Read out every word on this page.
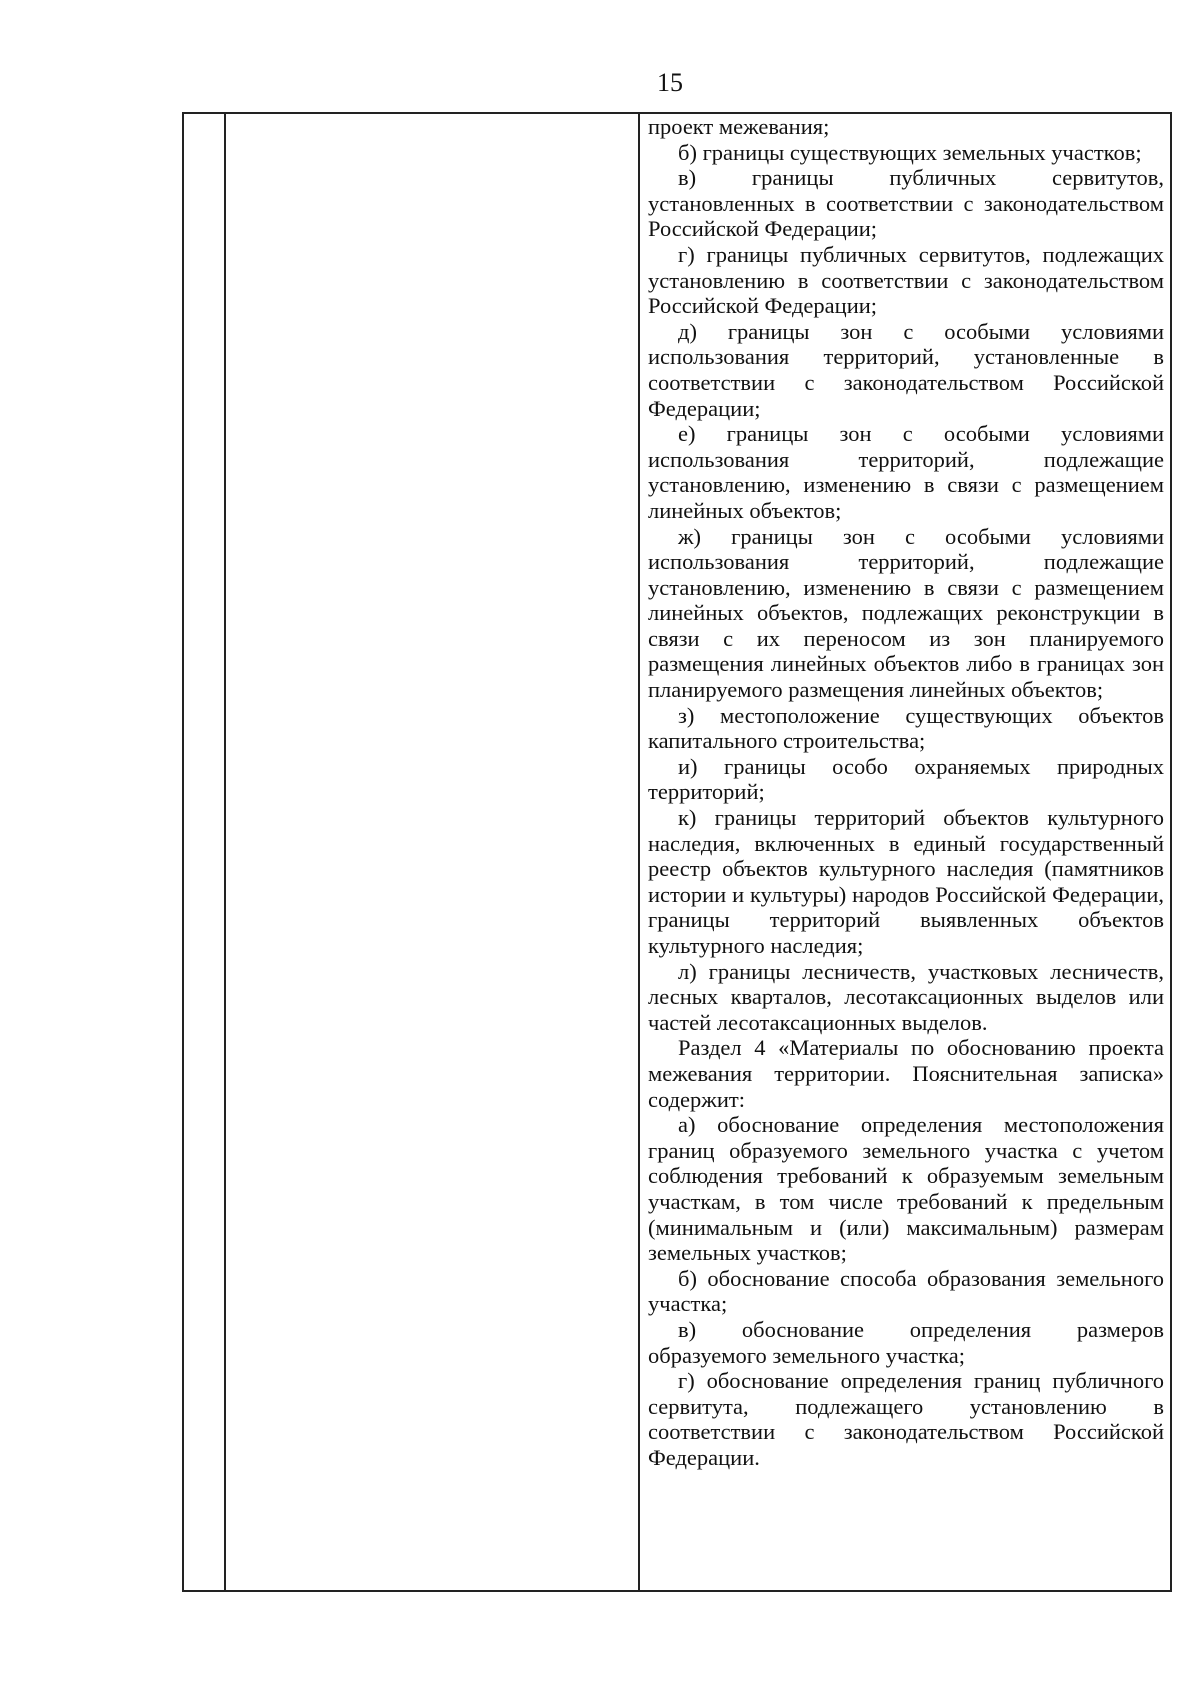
15

проект межевания;

б) границы существующих земельных участков;

в) границы публичных сервитутов, установленных в соответствии с законодательством Российской Федерации;

г) границы публичных сервитутов, подлежащих установлению в соответствии с законодательством Российской Федерации;

д) границы зон с особыми условиями использования территорий, установленные в соответствии с законодательством Российской Федерации;

е) границы зон с особыми условиями использования территорий, подлежащие установлению, изменению в связи с размещением линейных объектов;

ж) границы зон с особыми условиями использования территорий, подлежащие установлению, изменению в связи с размещением линейных объектов, подлежащих реконструкции в связи с их переносом из зон планируемого размещения линейных объектов либо в границах зон планируемого размещения линейных объектов;

з) местоположение существующих объектов капитального строительства;

и) границы особо охраняемых природных территорий;

к) границы территорий объектов культурного наследия, включенных в единый государственный реестр объектов культурного наследия (памятников истории и культуры) народов Российской Федерации, границы территорий выявленных объектов культурного наследия;

л) границы лесничеств, участковых лесничеств, лесных кварталов, лесотаксационных выделов или частей лесотаксационных выделов.

Раздел 4 «Материалы по обоснованию проекта межевания территории. Пояснительная записка» содержит:

а) обоснование определения местоположения границ образуемого земельного участка с учетом соблюдения требований к образуемым земельным участкам, в том числе требований к предельным (минимальным и (или) максимальным) размерам земельных участков;

б) обоснование способа образования земельного участка;

в) обоснование определения размеров образуемого земельного участка;

г) обоснование определения границ публичного сервитута, подлежащего установлению в соответствии с законодательством Российской Федерации.
